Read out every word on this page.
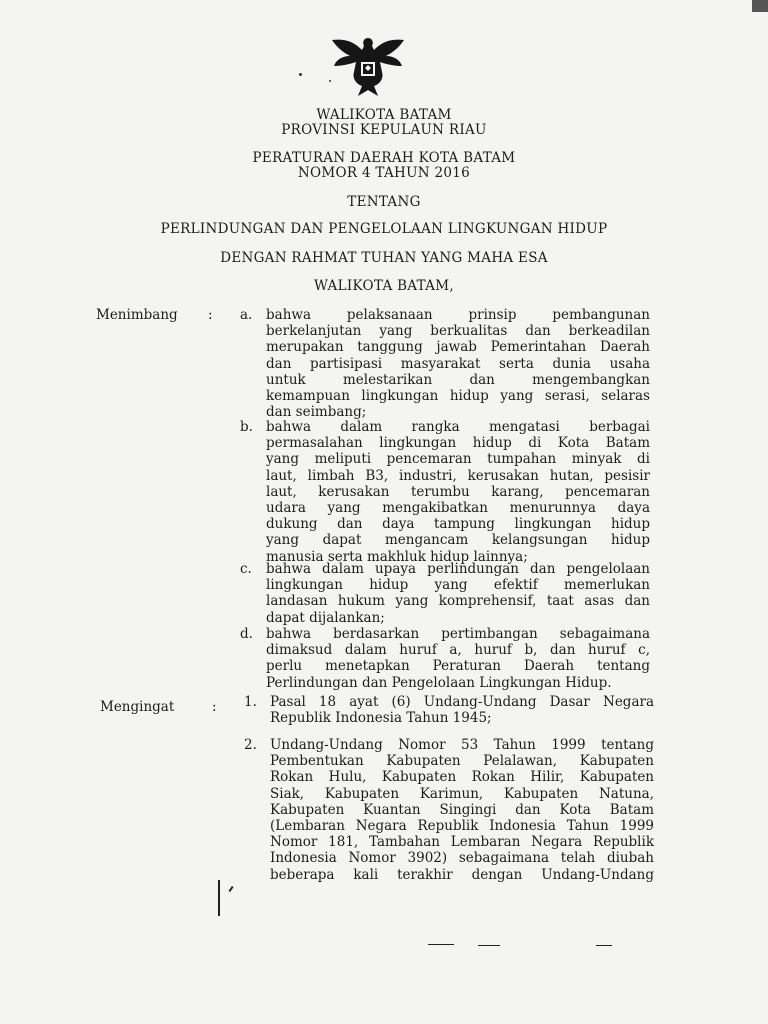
WALIKOTA BATAM
PROVINSI KEPULAUN RIAU
PERATURAN DAERAH KOTA BATAM
NOMOR 4 TAHUN 2016
TENTANG
PERLINDUNGAN DAN PENGELOLAAN LINGKUNGAN HIDUP
DENGAN RAHMAT TUHAN YANG MAHA ESA
WALIKOTA BATAM,
Menimbang : a. bahwa pelaksanaan prinsip pembangunan
berkelanjutan yang berkualitas dan berkeadilan
merupakan tanggung jawab Pemerintahan Daerah
dan partisipasi masyarakat serta dunia usaha
untuk melestarikan dan mengembangkan
kemampuan lingkungan hidup yang serasi, selaras
dan seimbang;
b. bahwa dalam rangka mengatasi berbagai
permasalahan lingkungan hidup di Kota Batam
yang meliputi pencemaran tumpahan minyak di
laut, limbah B3, industri, kerusakan hutan, pesisir
laut, kerusakan terumbu karang, pencemaran
udara yang mengakibatkan menurunnya daya
dukung dan daya tampung lingkungan hidup
yang dapat mengancam kelangsungan hidup
manusia serta makhluk hidup lainnya;
c. bahwa dalam upaya perlindungan dan pengelolaan
lingkungan hidup yang efektif memerlukan
landasan hukum yang komprehensif, taat asas dan
dapat dijalankan;
d. bahwa berdasarkan pertimbangan sebagaimana
dimaksud dalam huruf a, huruf b, dan huruf c,
perlu menetapkan Peraturan Daerah tentang
Perlindungan dan Pengelolaan Lingkungan Hidup.
Mengingat	: 1. Pasal 18 ayat (6) Undang-Undang Dasar Negara
Republik Indonesia Tahun 1945;
2. Undang-Undang Nomor 53 Tahun 1999 tentang
Pembentukan Kabupaten Pelalawan, Kabupaten
Rokan Hulu, Kabupaten Rokan Hilir, Kabupaten
Siak, Kabupaten Karimun, Kabupaten Natuna,
Kabupaten Kuantan Singingi dan Kota Batam
(Lembaran Negara Republik Indonesia Tahun 1999
Nomor 181, Tambahan Lembaran Negara Republik
Indonesia Nomor 3902) sebagaimana telah diubah
beberapa kali terakhir dengan Undang-Undang
